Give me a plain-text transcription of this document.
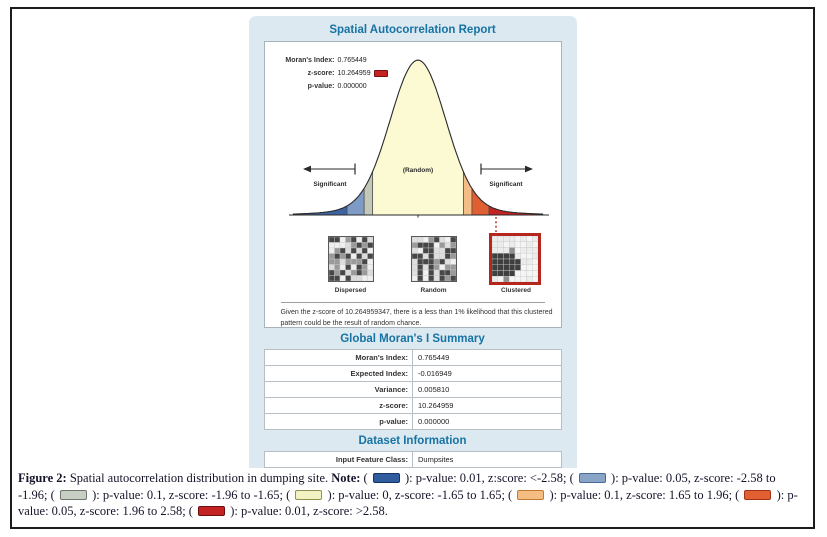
Spatial Autocorrelation Report
Moran's Index: 0.765449
z-score: 10.264959
p-value: 0.000000
(Random)
Significant	Significant
Dispersed	Random	Clustered
Given the z-score of 10.264959347, there is a less than 1% likelihood that this clustered
pattern could be the result of random chance.
Global Moran's I Summary
Moran's Index:	0.765449
Expected Index:	-0.016949
Variance:	0.005810
z-score:	10.264959
p-value:	0.000000
Dataset Information
Input Feature Class:	Dumpsites

Figure 2: Spatial autocorrelation distribution in dumping site. Note: (  ): p-value: 0.01, z:score: <-2.58; (  ): p-value: 0.05, z-score: -2.58 to -1.96; (  ): p-value: 0.1, z-score: -1.96 to -1.65; (  ): p-value: 0, z-score: -1.65 to 1.65; (  ): p-value: 0.1, z-score: 1.65 to 1.96; (  ): p-value: 0.05, z-score: 1.96 to 2.58; (  ): p-value: 0.01, z-score: >2.58.
